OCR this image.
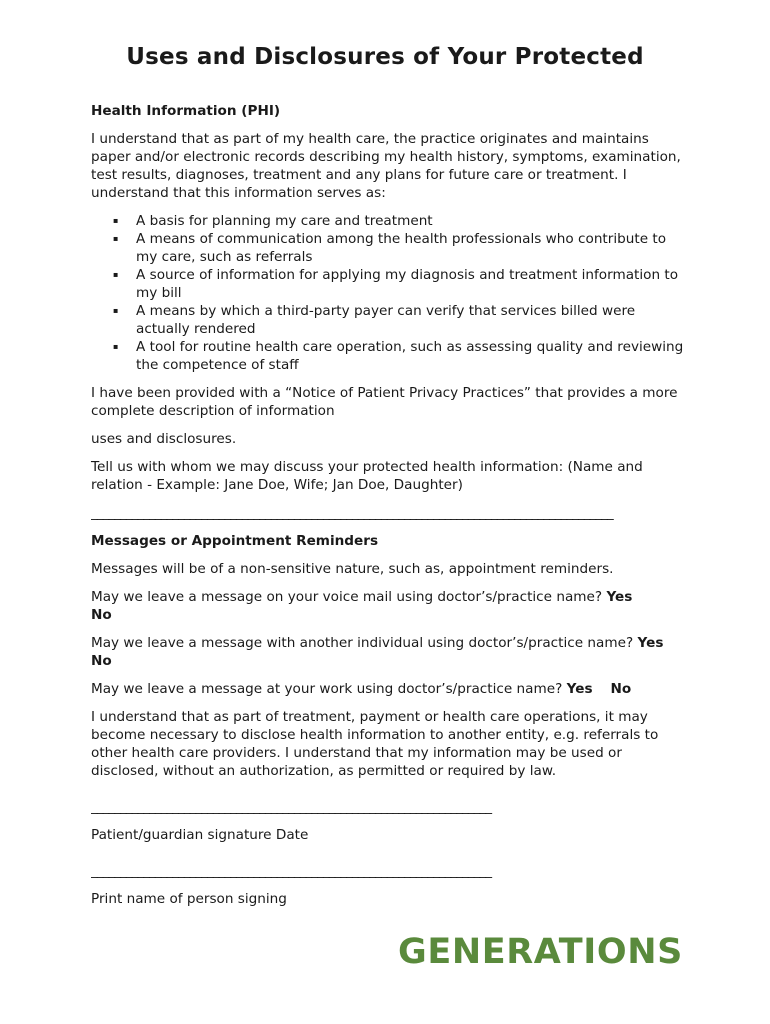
Uses and Disclosures of Your Protected
Health Information (PHI)

I understand that as part of my health care, the practice originates and maintains paper and/or electronic records describing my health history, symptoms, examination, test results, diagnoses, treatment and any plans for future care or treatment. I understand that this information serves as:

▪ A basis for planning my care and treatment
▪ A means of communication among the health professionals who contribute to my care, such as referrals
▪ A source of information for applying my diagnosis and treatment information to my bill
▪ A means by which a third-party payer can verify that services billed were actually rendered
▪ A tool for routine health care operation, such as assessing quality and reviewing the competence of staff

I have been provided with a “Notice of Patient Privacy Practices” that provides a more complete description of information

uses and disclosures.

Tell us with whom we may discuss your protected health information: (Name and relation - Example: Jane Doe, Wife; Jan Doe, Daughter)

__________________________________________________________________________________________
Messages or Appointment Reminders

Messages will be of a non-sensitive nature, such as, appointment reminders.

May we leave a message on your voice mail using doctor’s/practice name? Yes
No

May we leave a message with another individual using doctor’s/practice name? Yes
No

May we leave a message at your work using doctor’s/practice name? Yes No

I understand that as part of treatment, payment or health care operations, it may become necessary to disclose health information to another entity, e.g. referrals to other health care providers. I understand that my information may be used or disclosed, without an authorization, as permitted or required by law.

_____________________________________________________________________

Patient/guardian signature Date

_____________________________________________________________________

Print name of person signing

GENERATIONS
